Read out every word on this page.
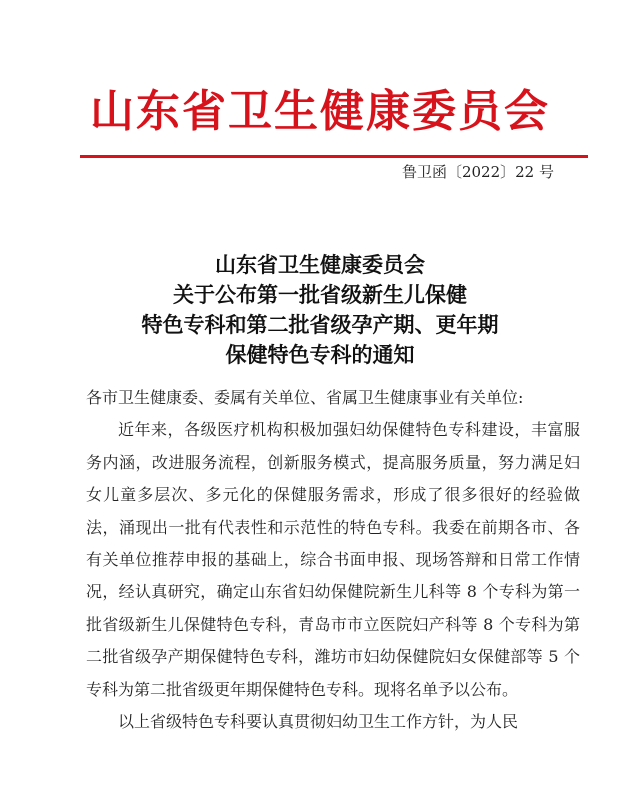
山东省卫生健康委员会
鲁卫函〔2022〕22 号
山东省卫生健康委员会
关于公布第一批省级新生儿保健
特色专科和第二批省级孕产期、更年期
保健特色专科的通知

各市卫生健康委、委属有关单位、省属卫生健康事业有关单位:

近年来，各级医疗机构积极加强妇幼保健特色专科建设，丰富服务内涵，改进服务流程，创新服务模式，提高服务质量，努力满足妇女儿童多层次、多元化的保健服务需求，形成了很多很好的经验做法，涌现出一批有代表性和示范性的特色专科。我委在前期各市、各有关单位推荐申报的基础上，综合书面申报、现场答辩和日常工作情况，经认真研究，确定山东省妇幼保健院新生儿科等 8 个专科为第一批省级新生儿保健特色专科，青岛市市立医院妇产科等 8 个专科为第二批省级孕产期保健特色专科，潍坊市妇幼保健院妇女保健部等 5 个专科为第二批省级更年期保健特色专科。现将名单予以公布。

以上省级特色专科要认真贯彻妇幼卫生工作方针，为人民
